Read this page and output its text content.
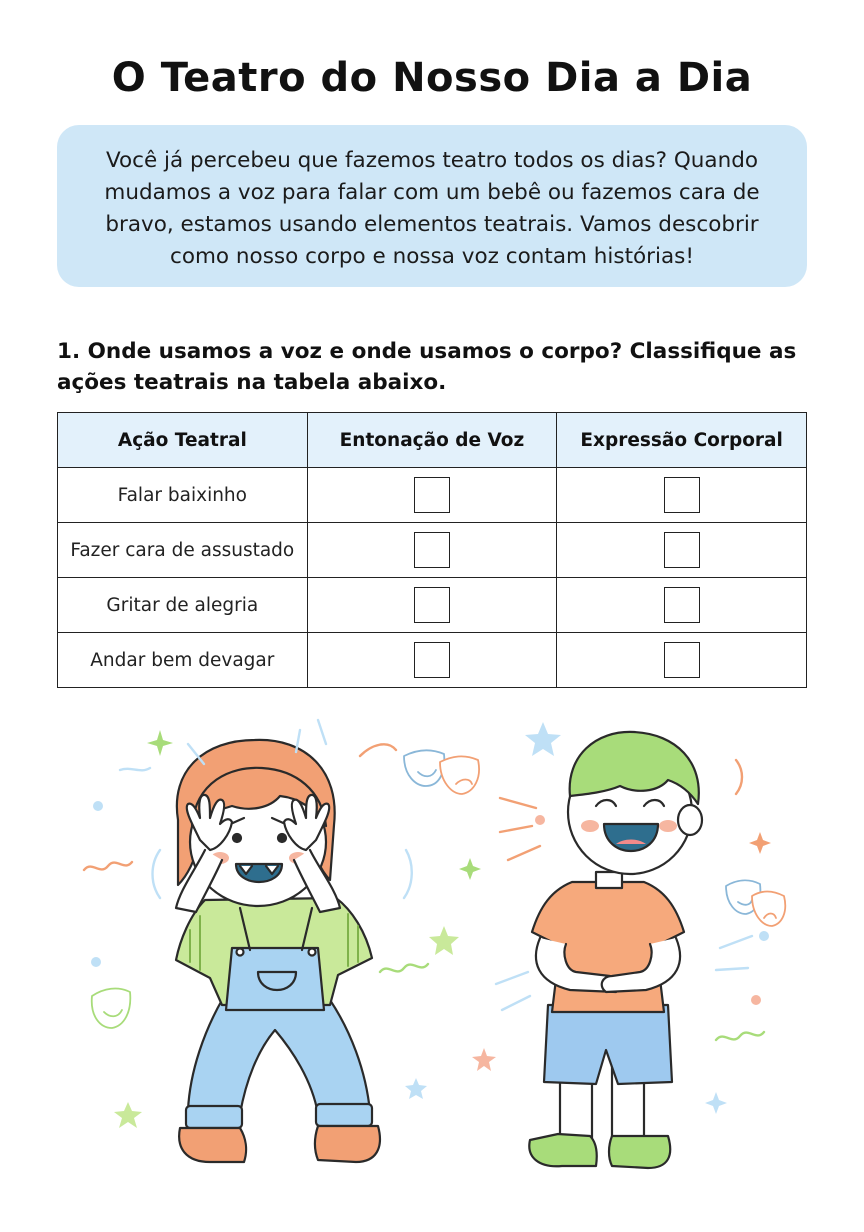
O Teatro do Nosso Dia a Dia
Você já percebeu que fazemos teatro todos os dias? Quando mudamos a voz para falar com um bebê ou fazemos cara de bravo, estamos usando elementos teatrais. Vamos descobrir como nosso corpo e nossa voz contam histórias!

1. Onde usamos a voz e onde usamos o corpo? Classifique as ações teatrais na tabela abaixo.

Ação Teatral	Entonação de Voz	Expressão Corporal
Falar baixinho		
Fazer cara de assustado		
Gritar de alegria		
Andar bem devagar		
